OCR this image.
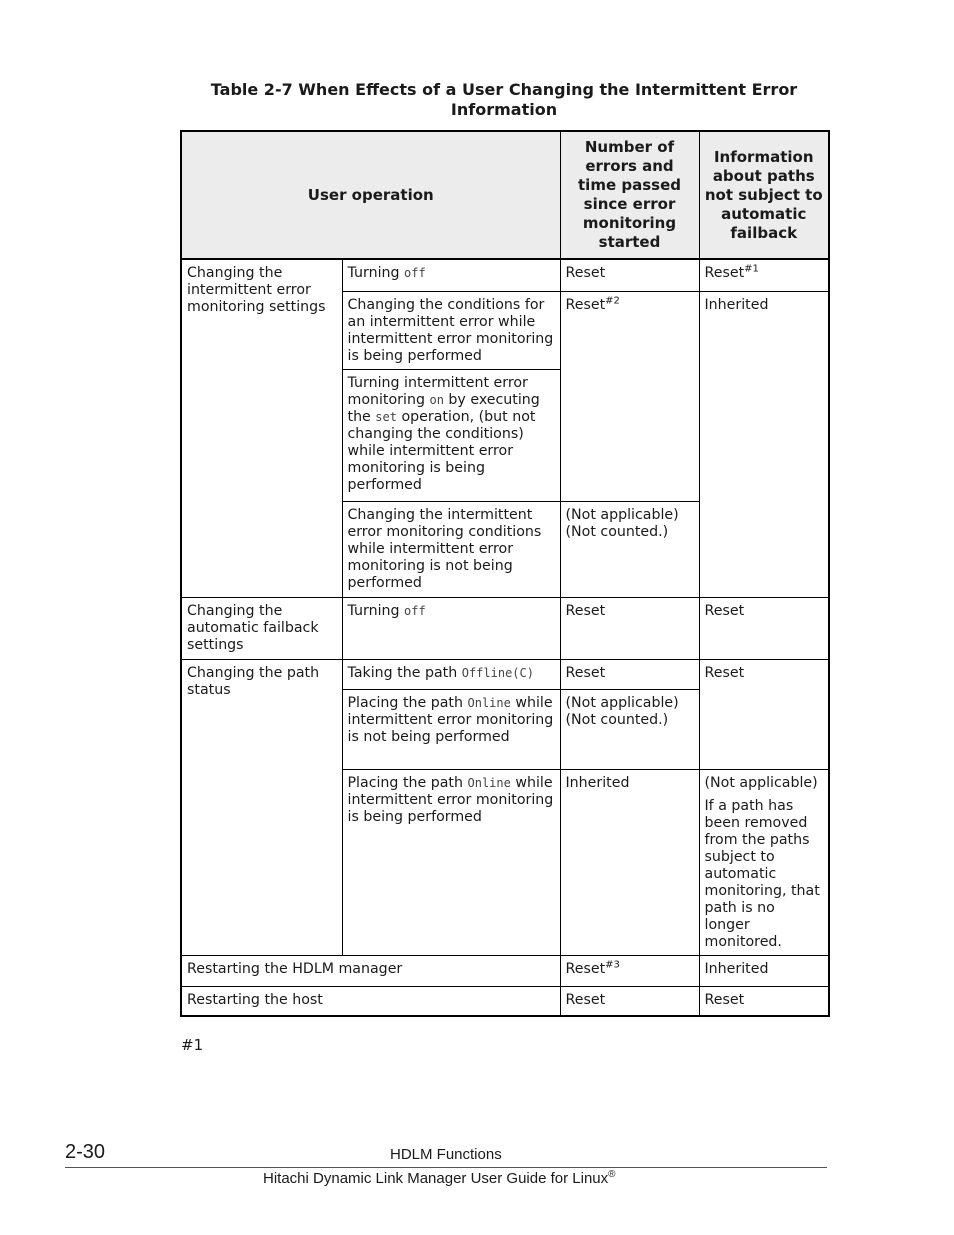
Table 2-7 When Effects of a User Changing the Intermittent Error
Information
User operation		Number of errors and time passed since error monitoring started	Information about paths not subject to automatic failback
Changing the intermittent error monitoring settings	Turning off	Reset	Reset$^{\#1}$
	Changing the conditions for an intermittent error while intermittent error monitoring is being performed	Reset$^{\#2}$	Inherited
	Turning intermittent error monitoring on by executing the set operation, (but not changing the conditions) while intermittent error monitoring is being performed		
	Changing the intermittent error monitoring conditions while intermittent error monitoring is not being performed	(Not applicable)
(Not counted.)	

Changing the automatic failback settings	Turning off	Reset	Reset
Changing the path status	Taking the path Offline(C)	Reset	Reset
	Placing the path Online while intermittent error monitoring is not being performed	(Not applicable)
(Not counted.)	

	Placing the path Online while intermittent error monitoring is being performed	Inherited	(Not applicable)
If a path has been removed from the paths subject to automatic monitoring, that path is no longer monitored.

Restarting the HDLM manager		Reset$^{\#3}$	Inherited
Restarting the host		Reset	Reset
#1
2-30	HDLM Functions
Hitachi Dynamic Link Manager User Guide for Linux®
